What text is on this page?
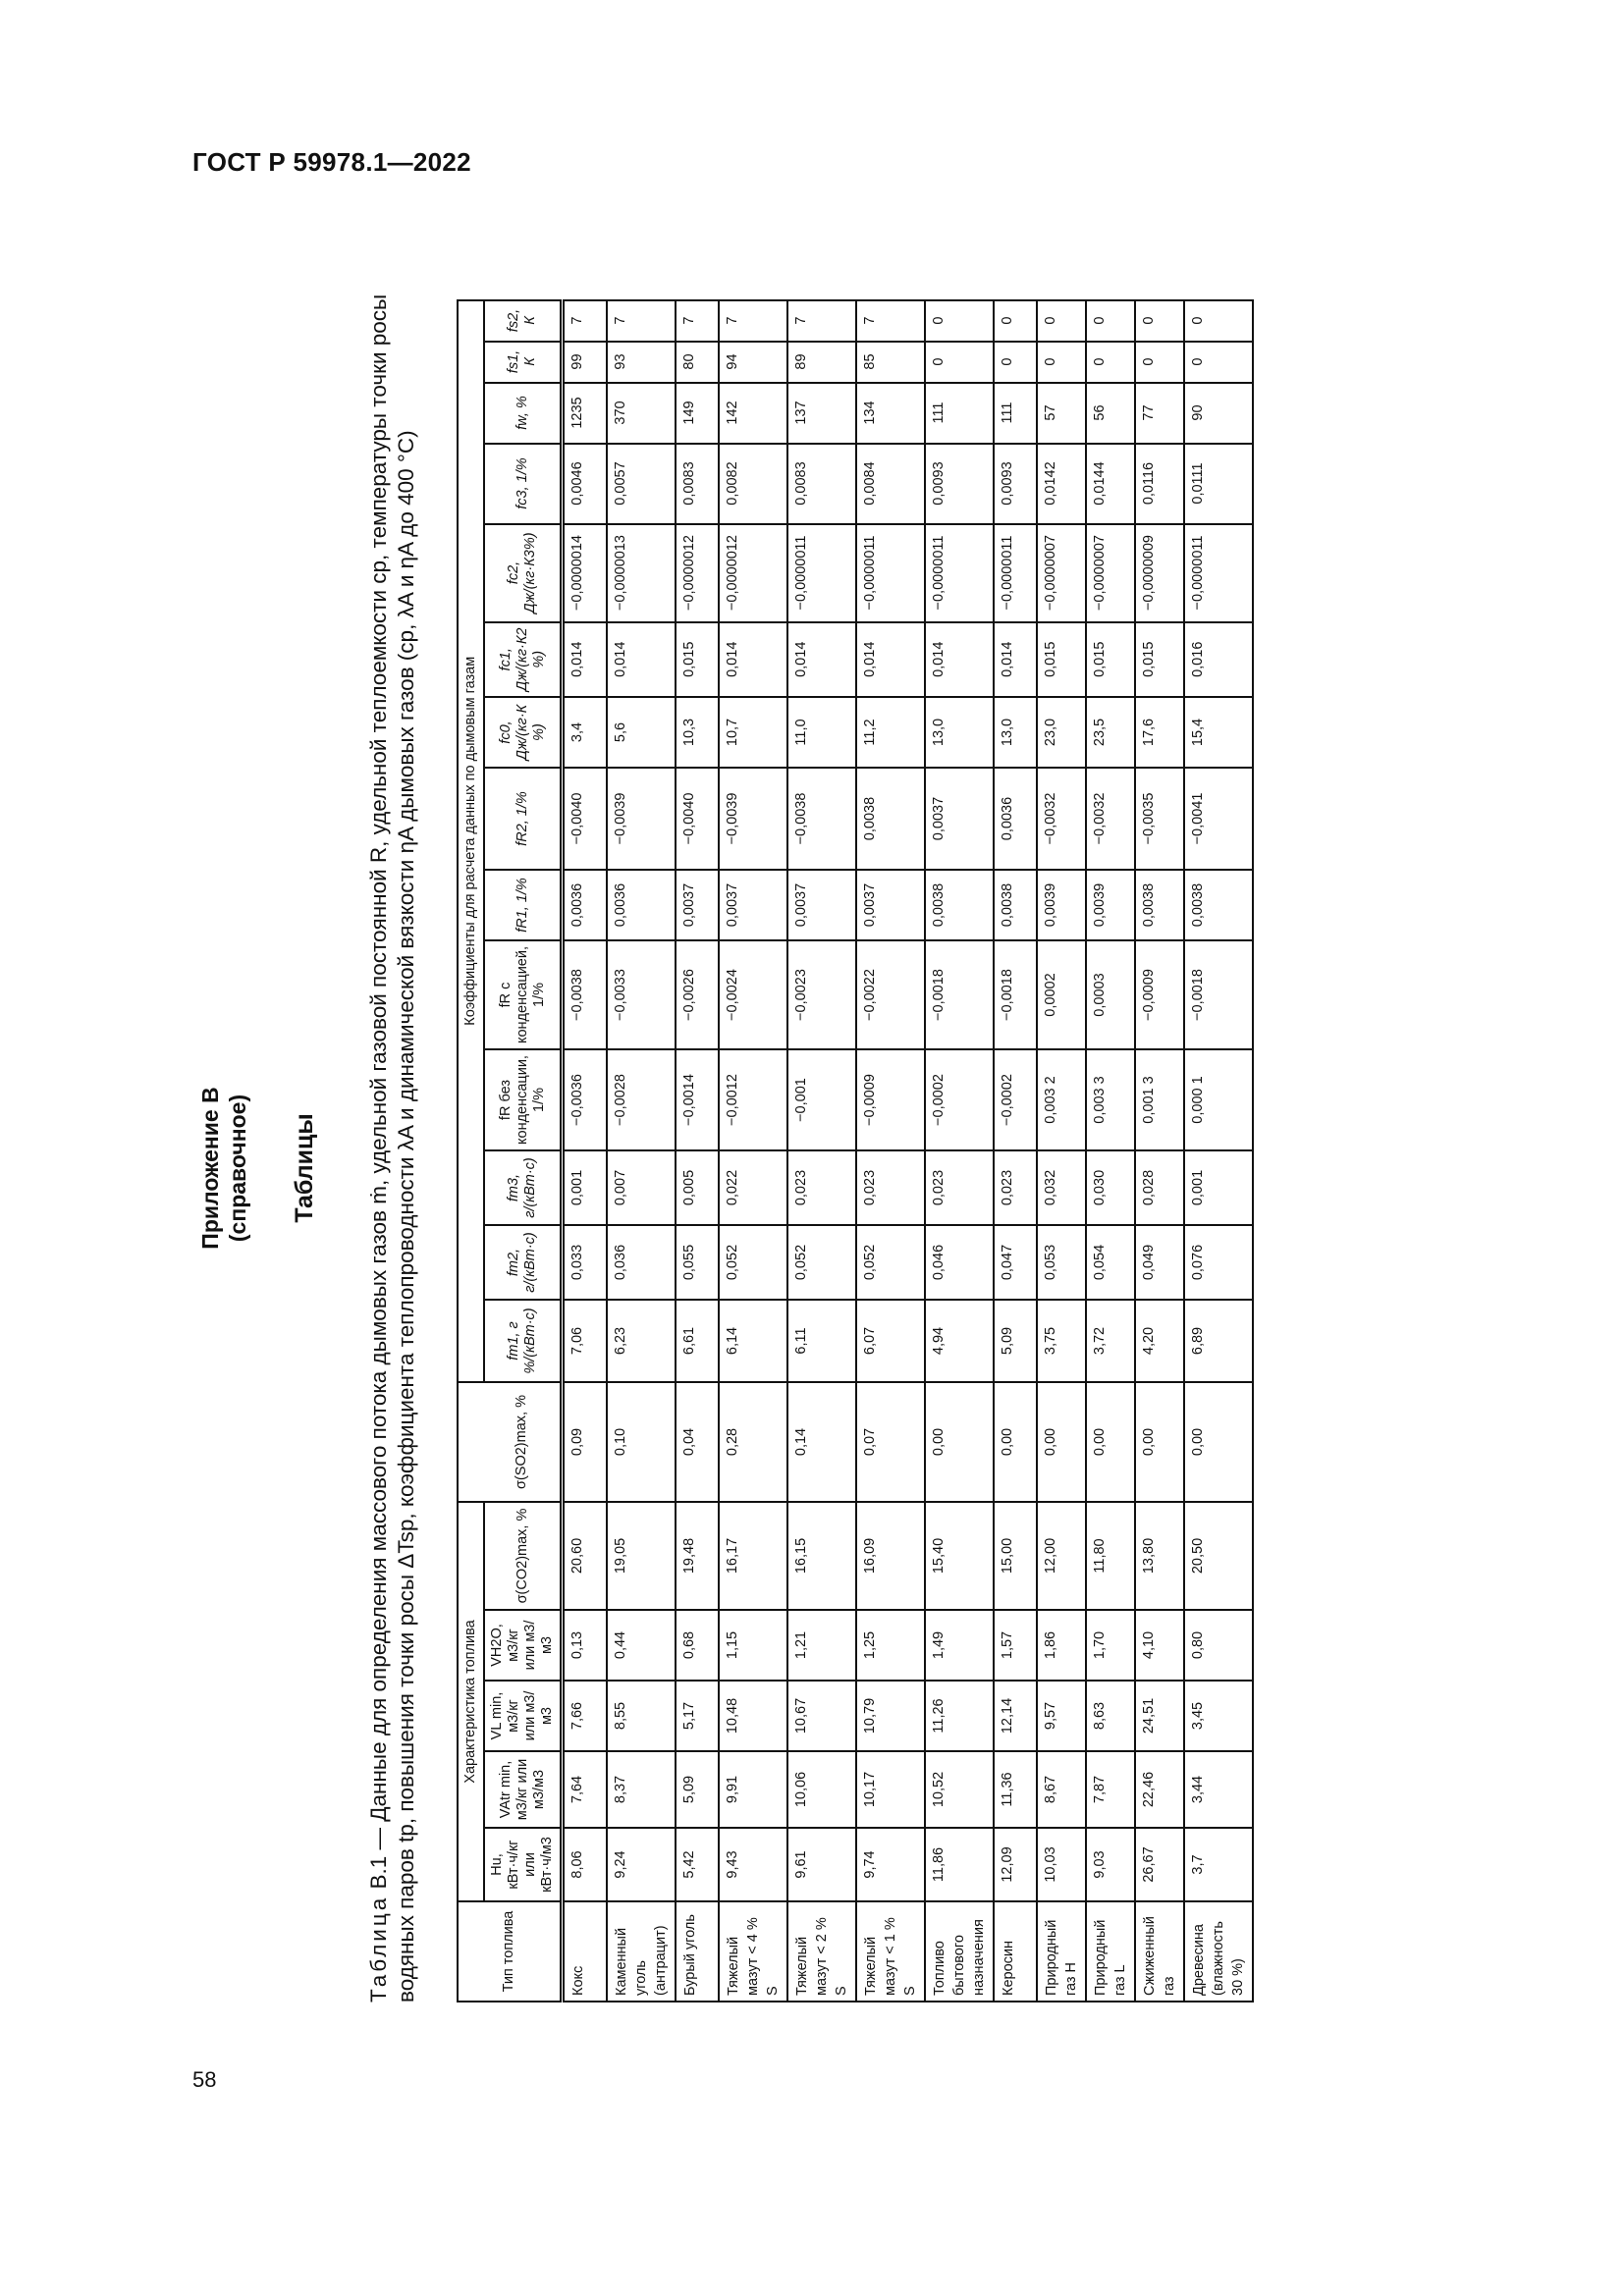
ГОСТ Р 59978.1—2022
Приложение В (справочное) Таблицы
Таблица В.1 — Данные для определения массового потока дымовых газов ṁ, удельной газовой постоянной R, удельной теплоемкости cp, температуры точки росы водяных паров tp, повышения точки росы ΔTsp, коэффициента теплопроводности λA и динамической вязкости ηA дымовых газов (cp, λA и ηA до 400 °С)	Тип топлива	Характеристика топлива						Коэффициенты для расчета данных по дымовым газам													
	Hu, кВт·ч/кг или кВт·ч/м3	VAtr min, м3/кг или м3/м3	VL min, м3/кг или м3/м3	VH2O, м3/кг или м3/м3	σ(CO2)max, %	σ(SO2)max, %	fm1, г %/(кВт·с)	fm2, г/(кВт·с)	fm3, г/(кВт·с)	fR без конденсации, 1/%	fR с конденсацией, 1/%	fR1, 1/%	fR2, 1/%	fc0, Дж/(кг·К %)	fc1, Дж/(кг·К2 %)	fc2, Дж/(кг·К3%)	fc3, 1/%	fw, %	fs1, К	fs2, К
Кокс	8,06	7,64	7,66	0,13	20,60	0,09	7,06	0,033	0,001	−0,0036	−0,0038	0,0036	−0,0040	3,4	0,014	−0,0000014	0,0046	1235	99	7
Каменный уголь (антрацит)	9,24	8,37	8,55	0,44	19,05	0,10	6,23	0,036	0,007	−0,0028	−0,0033	0,0036	−0,0039	5,6	0,014	−0,0000013	0,0057	370	93	7
Бурый уголь	5,42	5,09	5,17	0,68	19,48	0,04	6,61	0,055	0,005	−0,0014	−0,0026	0,0037	−0,0040	10,3	0,015	−0,0000012	0,0083	149	80	7
Тяжелый мазут < 4 % S	9,43	9,91	10,48	1,15	16,17	0,28	6,14	0,052	0,022	−0,0012	−0,0024	0,0037	−0,0039	10,7	0,014	−0,0000012	0,0082	142	94	7
Тяжелый мазут < 2 % S	9,61	10,06	10,67	1,21	16,15	0,14	6,11	0,052	0,023	−0,001	−0,0023	0,0037	−0,0038	11,0	0,014	−0,0000011	0,0083	137	89	7
Тяжелый мазут < 1 % S	9,74	10,17	10,79	1,25	16,09	0,07	6,07	0,052	0,023	−0,0009	−0,0022	0,0037	0,0038	11,2	0,014	−0,0000011	0,0084	134	85	7
Топливо бытового назначения	11,86	10,52	11,26	1,49	15,40	0,00	4,94	0,046	0,023	−0,0002	−0,0018	0,0038	0,0037	13,0	0,014	−0,0000011	0,0093	111	0	0
Керосин	12,09	11,36	12,14	1,57	15,00	0,00	5,09	0,047	0,023	−0,0002	−0,0018	0,0038	0,0036	13,0	0,014	−0,0000011	0,0093	111	0	0
Природный газ H	10,03	8,67	9,57	1,86	12,00	0,00	3,75	0,053	0,032	0,003 2	0,0002	0,0039	−0,0032	23,0	0,015	−0,0000007	0,0142	57	0	0
Природный газ L	9,03	7,87	8,63	1,70	11,80	0,00	3,72	0,054	0,030	0,003 3	0,0003	0,0039	−0,0032	23,5	0,015	−0,0000007	0,0144	56	0	0
Сжиженный газ	26,67	22,46	24,51	4,10	13,80	0,00	4,20	0,049	0,028	0,001 3	−0,0009	0,0038	−0,0035	17,6	0,015	−0,0000009	0,0116	77	0	0
Древесина (влажность 30 %)	3,7	3,44	3,45	0,80	20,50	0,00	6,89	0,076	0,001	0,000 1	−0,0018	0,0038	−0,0041	15,4	0,016	−0,0000011	0,0111	90	0	0
58
